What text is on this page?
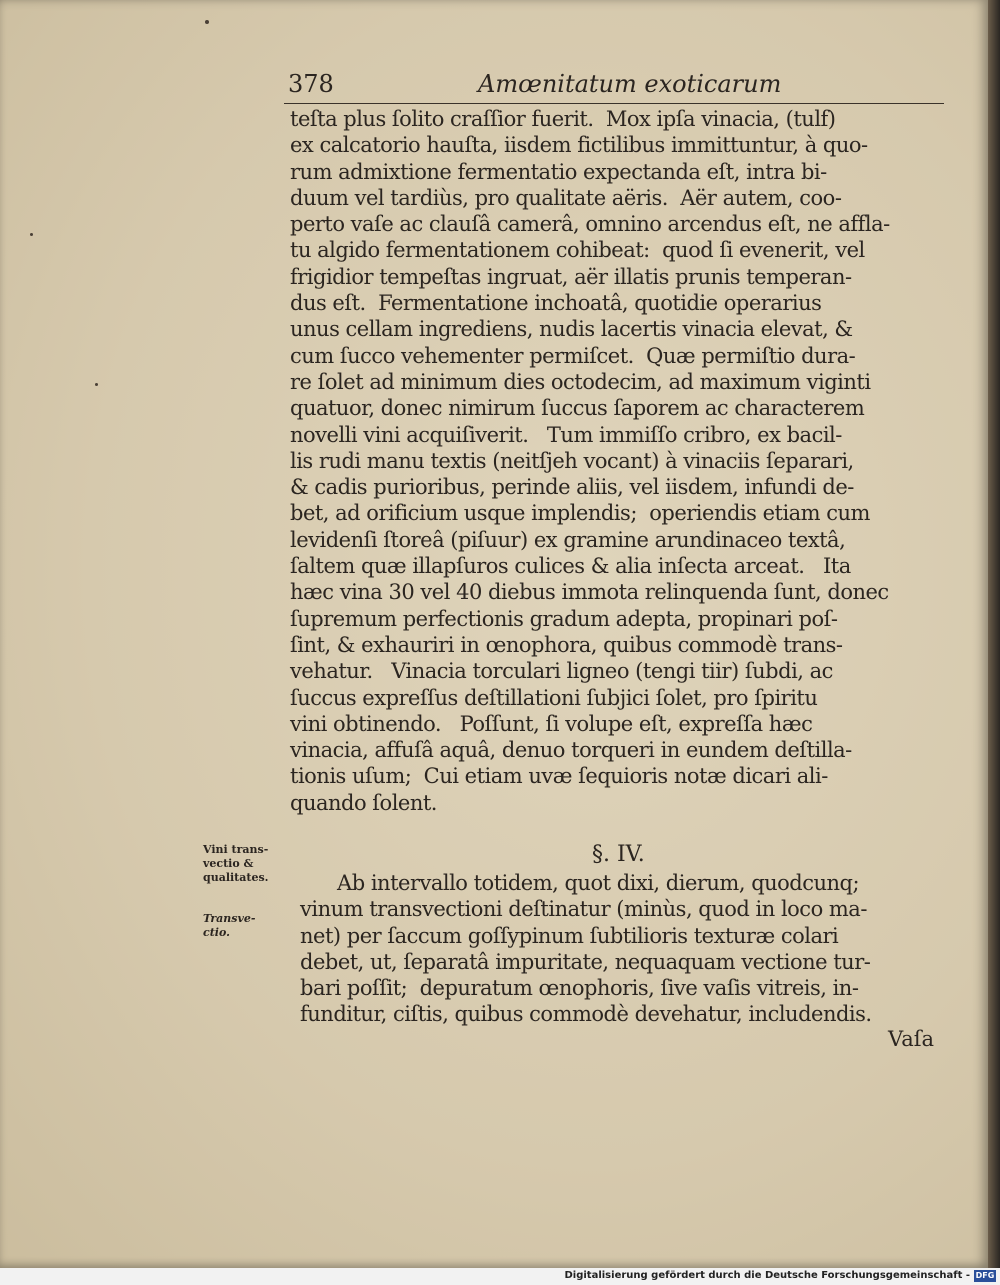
378	Amœnitatum exoticarum
teſta plus ſolito craſſior fuerit.  Mox ipſa vinacia, (tulf)
ex calcatorio hauſta, iisdem fictilibus immittuntur, à quo-
rum admixtione fermentatio expectanda eſt, intra bi-
duum vel tardiùs, pro qualitate aëris.  Aër autem, coo-
perto vaſe ac clauſâ camerâ, omnino arcendus eſt, ne affla-
tu algido fermentationem cohibeat:  quod ſi evenerit, vel
frigidior tempeſtas ingruat, aër illatis prunis temperan-
dus eſt.  Fermentatione inchoatâ, quotidie operarius
unus cellam ingrediens, nudis lacertis vinacia elevat, &
cum ſucco vehementer permiſcet.  Quæ permiſtio dura-
re ſolet ad minimum dies octodecim, ad maximum viginti
quatuor, donec nimirum ſuccus ſaporem ac characterem
novelli vini acquiſiverit.   Tum immiſſo cribro, ex bacil-
lis rudi manu textis (neitſjeh vocant) à vinaciis ſeparari,
& cadis purioribus, perinde aliis, vel iisdem, infundi de-
bet, ad orificium usque implendis;  operiendis etiam cum
levidenſi ſtoreâ (piſuur) ex gramine arundinaceo textâ,
ſaltem quæ illapſuros culices & alia inſecta arceat.   Ita
hæc vina 30 vel 40 diebus immota relinquenda ſunt, donec
ſupremum perfectionis gradum adepta, propinari poſ-
ſint, & exhauriri in œnophora, quibus commodè trans-
vehatur.   Vinacia torculari ligneo (tengi tiir) ſubdi, ac
ſuccus expreſſus deſtillationi ſubjici ſolet, pro ſpiritu
vini obtinendo.   Poſſunt, ſi volupe eſt, expreſſa hæc
vinacia, affuſâ aquâ, denuo torqueri in eundem deſtilla-
tionis uſum;  Cui etiam uvæ ſequioris notæ dicari ali-
quando ſolent.
Vini trans-
vectio &
qualitates.
Transve-
ctio.
§. IV.
Ab intervallo totidem, quot dixi, dierum, quodcunq;
vinum transvectioni deſtinatur (minùs, quod in loco ma-
net) per ſaccum goſſypinum ſubtilioris texturæ colari
debet, ut, ſeparatâ impuritate, nequaquam vectione tur-
bari poſſit;  depuratum œnophoris, ſive vaſis vitreis, in-
funditur, ciſtis, quibus commodè devehatur, includendis.
Vaſa
Digitalisierung gefördert durch die Deutsche Forschungsgemeinschaft - DFG
